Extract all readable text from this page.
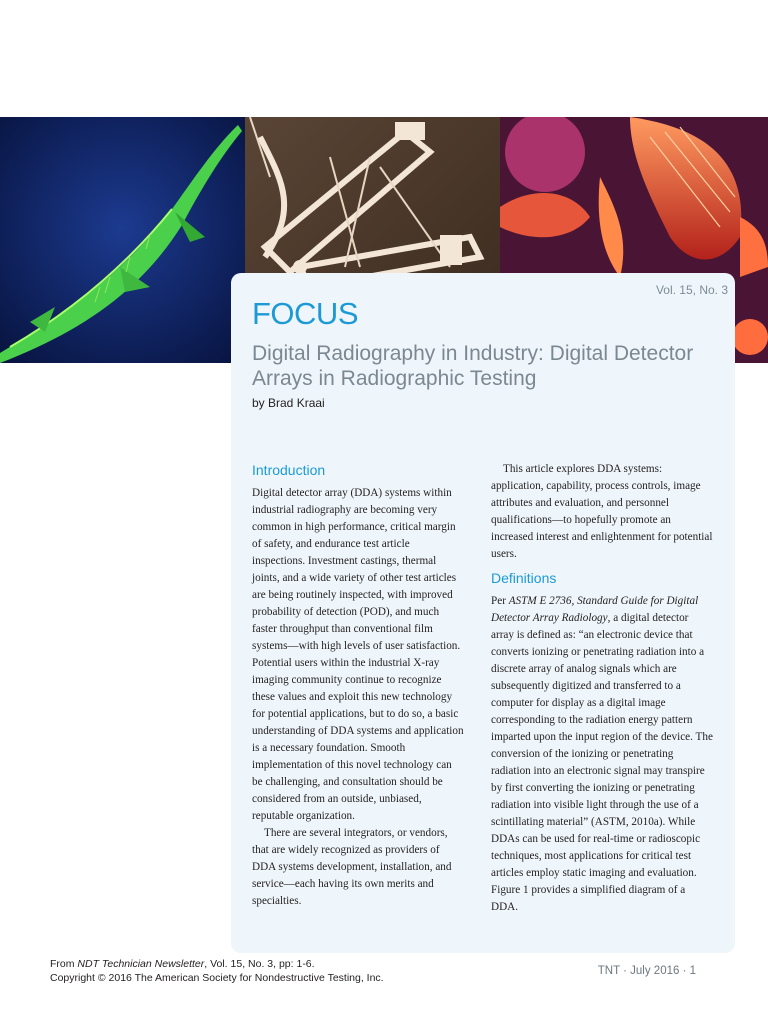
Vol. 15, No. 3
FOCUS
Digital Radiography in Industry: Digital Detector Arrays in Radiographic Testing
by Brad Kraai
Introduction

Digital detector array (DDA) systems within industrial radiography are becoming very common in high performance, critical margin of safety, and endurance test article inspections. Investment castings, thermal joints, and a wide variety of other test articles are being routinely inspected, with improved probability of detection (POD), and much faster throughput than conventional film systems—with high levels of user satisfaction. Potential users within the industrial X-ray imaging community continue to recognize these values and exploit this new technology for potential applications, but to do so, a basic understanding of DDA systems and application is a necessary foundation. Smooth implementation of this novel technology can be challenging, and consultation should be considered from an outside, unbiased, reputable organization.

There are several integrators, or vendors, that are widely recognized as providers of DDA systems development, installation, and service—each having its own merits and specialties.

This article explores DDA systems: application, capability, process controls, image attributes and evaluation, and personnel qualifications—to hopefully promote an increased interest and enlightenment for potential users.

Definitions

Per ASTM E 2736, Standard Guide for Digital Detector Array Radiology, a digital detector array is defined as: “an electronic device that converts ionizing or penetrating radiation into a discrete array of analog signals which are subsequently digitized and transferred to a computer for display as a digital image corresponding to the radiation energy pattern imparted upon the input region of the device. The conversion of the ionizing or penetrating radiation into an electronic signal may transpire by first converting the ionizing or penetrating radiation into visible light through the use of a scintillating material” (ASTM, 2010a). While DDAs can be used for real-time or radioscopic techniques, most applications for critical test articles employ static imaging and evaluation. Figure 1 provides a simplified diagram of a DDA.

From NDT Technician Newsletter, Vol. 15, No. 3, pp: 1-6.
Copyright © 2016 The American Society for Nondestructive Testing, Inc.
TNT · July 2016 · 1
